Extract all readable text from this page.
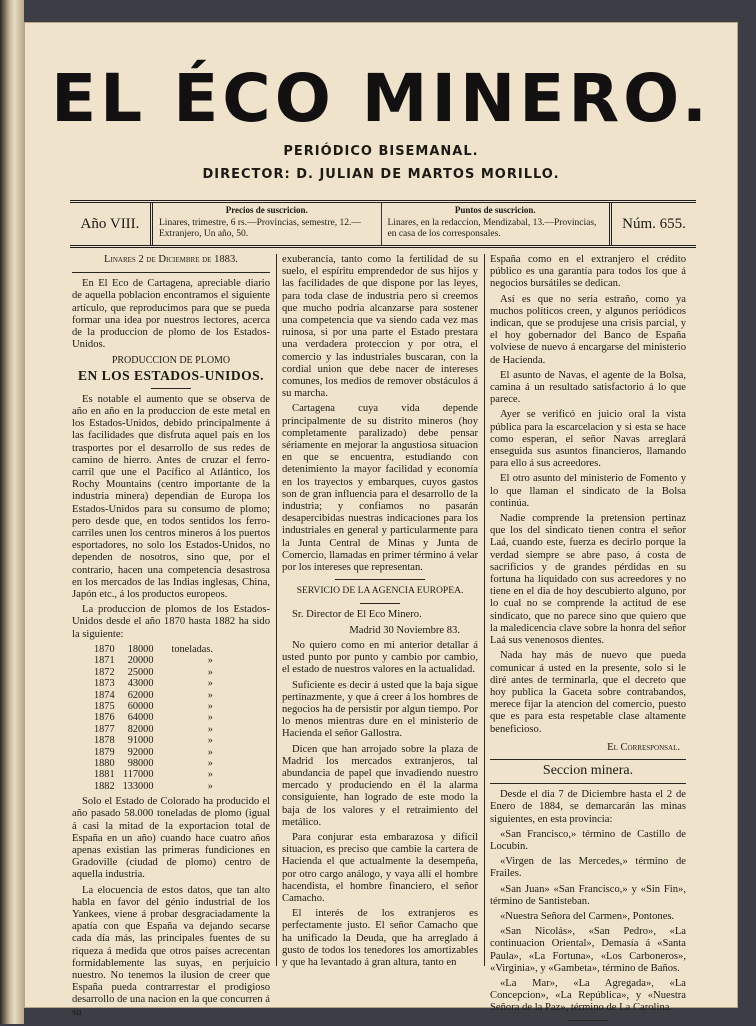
EL ÉCO MINERO.
PERIÓDICO BISEMANAL.
DIRECTOR: D. JULIAN DE MARTOS MORILLO.
Año VIII.
Precios de suscricion.
Linares, trimestre, 6 rs.—Provincias, semestre, 12.—Extranjero, Un año, 50.
Puntos de suscricion.
Linares, en la redaccion, Mendizabal, 13.—Provincias, en casa de los corresponsales.
Núm. 655.
Linares 2 de Diciembre de 1883.

En El Eco de Cartagena, apreciable diario de aquella poblacion encontramos el siguiente artículo, que reproducimos para que se pueda formar una idea por nuestros lectores, acerca de la produccion de plomo de los Estados-Unidos.

PRODUCCION DE PLOMO
EN LOS ESTADOS-UNIDOS.

Es notable el aumento que se observa de año en año en la produccion de este metal en los Estados-Unidos, debido principalmente á las facilidades que disfruta aquel país en los trasportes por el desarrollo de sus redes de camino de hierro. Antes de cruzar el ferro-carril que une el Pacífico al Atlántico, los Rochy Mountains (centro importante de la industria minera) dependian de Europa los Estados-Unidos para su consumo de plomo; pero desde que, en todos sentidos los ferro-carriles unen los centros mineros á los puertos esportadores, no solo los Estados-Unidos, no dependen de nosotros, sino que, por el contrario, hacen una competencia desastrosa en los mercados de las Indias inglesas, China, Japón etc., á los productos europeos.

La produccion de plomos de los Estados-Unidos desde el año 1870 hasta 1882 ha sido la siguiente:

1870	18000	toneladas.
1871	20000	»
1872	25000	»
1873	43000	»
1874	62000	»
1875	60000	»
1876	64000	»
1877	82000	»
1878	91000	»
1879	92000	»
1880	98000	»
1881	117000	»
1882	133000	»

Solo el Estado de Colorado ha producido el año pasado 58.000 toneladas de plomo (igual á casi la mitad de la exportacion total de España en un año) cuando hace cuatro años apenas existian las primeras fundiciones en Gradoville (ciudad de plomo) centro de aquella industria.

La elocuencia de estos datos, que tan alto habla en favor del génio industrial de los Yankees, viene á probar desgraciadamente la apatía con que España va dejando secarse cada día más, las principales fuentes de su riqueza á medida que otros países acrecentan formidablemente las suyas, en perjuicio nuestro. No tenemos la ilusion de creer que España pueda contrarrestar el prodigioso desarrollo de una nacion en la que concurren á su

exuberancia, tanto como la fertilidad de su suelo, el espíritu emprendedor de sus hijos y las facilidades de que dispone por las leyes, para toda clase de industria pero si creemos que mucho podria alcanzarse para sostener una competencia que va siendo cada vez mas ruinosa, si por una parte el Estado prestara una verdadera proteccion y por otra, el comercio y las industriales buscaran, con la cordial union que debe nacer de intereses comunes, los medios de remover obstáculos á su marcha.

Cartagena cuya vida depende principalmente de su distrito mineros (hoy completamente paralizado) debe pensar sériamente en mejorar la angustiosa situacion en que se encuentra, estudiando con detenimiento la mayor facilidad y economía en los trayectos y embarques, cuyos gastos son de gran influencia para el desarrollo de la industria; y confiamos no pasarán desapercibidas nuestras indicaciones para los industriales en general y particularmente para la Junta Central de Minas y Junta de Comercio, llamadas en primer término á velar por los intereses que representan.

SERVICIO DE LA AGENCIA EUROPEA.

Sr. Director de El Eco Minero.

Madrid 30 Noviembre 83.

No quiero como en mi anterior detallar á usted punto por punto y cambio por cambio, el estado de nuestros valores en la actualidad.

Suficiente es decir á usted que la baja sigue pertinazmente, y que á creer á los hombres de negocios ha de persistir por algun tiempo. Por lo menos mientras dure en el ministerio de Hacienda el señor Gallostra.

Dicen que han arrojado sobre la plaza de Madrid los mercados extranjeros, tal abundancia de papel que invadiendo nuestro mercado y produciendo en él la alarma consiguiente, han logrado de este modo la baja de los valores y el retraimiento del metálico.

Para conjurar esta embarazosa y difícil situacion, es preciso que cambie la cartera de Hacienda el que actualmente la desempeña, por otro cargo análogo, y vaya allí el hombre hacendista, el hombre financiero, el señor Camacho.

El interés de los extranjeros es perfectamente justo. El señor Camacho que ha unificado la Deuda, que ha arreglado á gusto de todos los tenedores los amortizables y que ha levantado á gran altura, tanto en

España como en el extranjero el crédito público es una garantía para todos los que á negocios bursátiles se dedican.

Así es que no seria estraño, como ya muchos políticos creen, y algunos periódicos indican, que se produjese una crisis parcial, y el hoy gobernador del Banco de España volviese de nuevo á encargarse del ministerio de Hacienda.

El asunto de Navas, el agente de la Bolsa, camina á un resultado satisfactorio á lo que parece.

Ayer se verificó en juicio oral la vista pública para la escarcelacion y si esta se hace como esperan, el señor Navas arreglará enseguida sus asuntos financieros, llamando para ello á sus acreedores.

El otro asunto del ministerio de Fomento y lo que llaman el sindicato de la Bolsa continúa.

Nadie comprende la pretension pertinaz que los del sindicato tienen contra el señor Laá, cuando este, fuerza es decirlo porque la verdad siempre se abre paso, á costa de sacrificios y de grandes pérdidas en su fortuna ha liquidado con sus acreedores y no tiene en el dia de hoy descubierto alguno, por lo cual no se comprende la actitud de ese sindicato, que no parece sino que quiero que la maledicencia clave sobre la honra del señor Laá sus venenosos dientes.

Nada hay más de nuevo que pueda comunicar á usted en la presente, solo si le diré antes de terminarla, que el decreto que hoy publica la Gaceta sobre contrabandos, merece fijar la atencion del comercio, puesto que es para esta respetable clase altamente beneficioso.

El Corresponsal.
Seccion minera.

Desde el dia 7 de Diciembre hasta el 2 de Enero de 1884, se demarcarán las minas siguientes, en esta provincia:

«San Francisco,» término de Castillo de Locubin.

«Virgen de las Mercedes,» término de Frailes.

«San Juan» «San Francisco,» y «Sin Fin», término de Santisteban.

«Nuestra Señora del Carmen», Pontones.

«San Nicolás», «San Pedro», «La continuacion Oriental», Demasía á «Santa Paula», «La Fortuna», «Los Carboneros», «Virginia», y «Gambeta», término de Baños.

«La Mar», «La Agregada», «La Concepcion», «La República», y «Nuestra Señora de la Paz», término de La Carolina.
